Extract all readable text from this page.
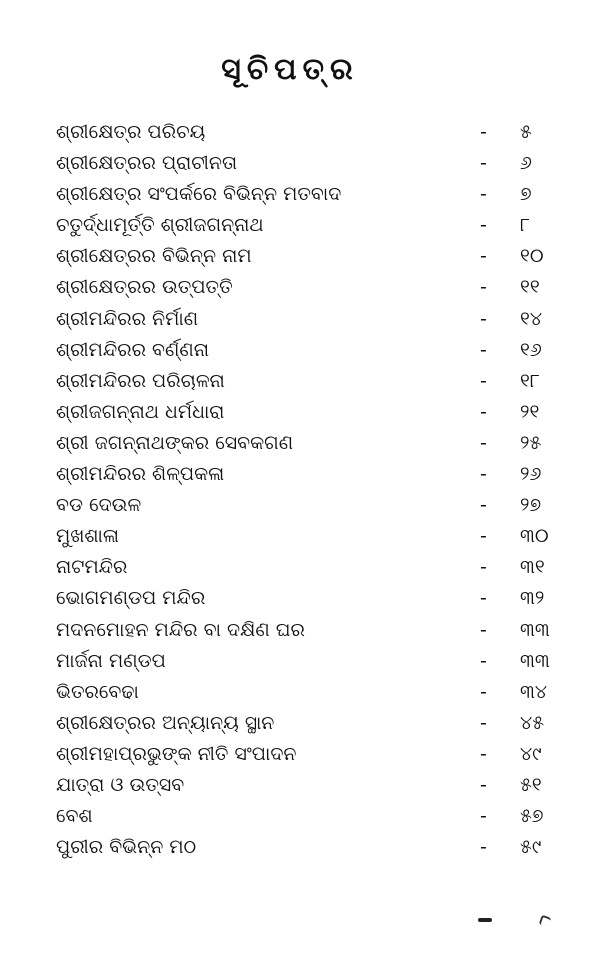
ସୂଚିପତ୍ର
ଶ୍ରୀକ୍ଷେତ୍ର ପରିଚୟ	- ୫
ଶ୍ରୀକ୍ଷେତ୍ରର ପ୍ରାଚୀନତା	- ୬
ଶ୍ରୀକ୍ଷେତ୍ର ସଂପର୍କରେ ବିଭିନ୍ନ ମତବାଦ	- ୭
ଚତୁର୍ଦ୍ଧାମୂର୍ତ୍ତି ଶ୍ରୀଜଗନ୍ନାଥ	- ୮
ଶ୍ରୀକ୍ଷେତ୍ରର ବିଭିନ୍ନ ନାମ	- ୧୦
ଶ୍ରୀକ୍ଷେତ୍ରର ଉତ୍ପତ୍ତି	- ୧୧
ଶ୍ରୀମନ୍ଦିରର ନିର୍ମାଣ	- ୧୪
ଶ୍ରୀମନ୍ଦିରର ବର୍ଣ୍ଣନା	- ୧୬
ଶ୍ରୀମନ୍ଦିରର ପରିଚାଳନା	- ୧୮
ଶ୍ରୀଜଗନ୍ନାଥ ଧର୍ମଧାରା	- ୨୧
ଶ୍ରୀ ଜଗନ୍ନାଥଙ୍କର ସେବକଗଣ	- ୨୫
ଶ୍ରୀମନ୍ଦିରର ଶିଳ୍ପକଳା	- ୨୬
ବଡ ଦେଉଳ	- ୨୭
ମୁଖଶାଳା	- ୩୦
ନାଟମନ୍ଦିର	- ୩୧
ଭୋଗମଣ୍ଡପ ମନ୍ଦିର	- ୩୨
ମଦନମୋହନ ମନ୍ଦିର ବା ଦକ୍ଷିଣ ଘର	- ୩୩
ମାର୍ଜନା ମଣ୍ଡପ	- ୩୩
ଭିତରବେଢା	- ୩୪
ଶ୍ରୀକ୍ଷେତ୍ରର ଅନ୍ୟାନ୍ୟ ସ୍ଥାନ	- ୪୫
ଶ୍ରୀମହାପ୍ରଭୁଙ୍କ ନୀତି ସଂପାଦନ	- ୪୯
ଯାତ୍ରା ଓ ଉତ୍ସବ	- ୫୧
ବେଶ	- ୫୭
ପୁରୀର ବିଭିନ୍ନ ମଠ	- ୫୯
